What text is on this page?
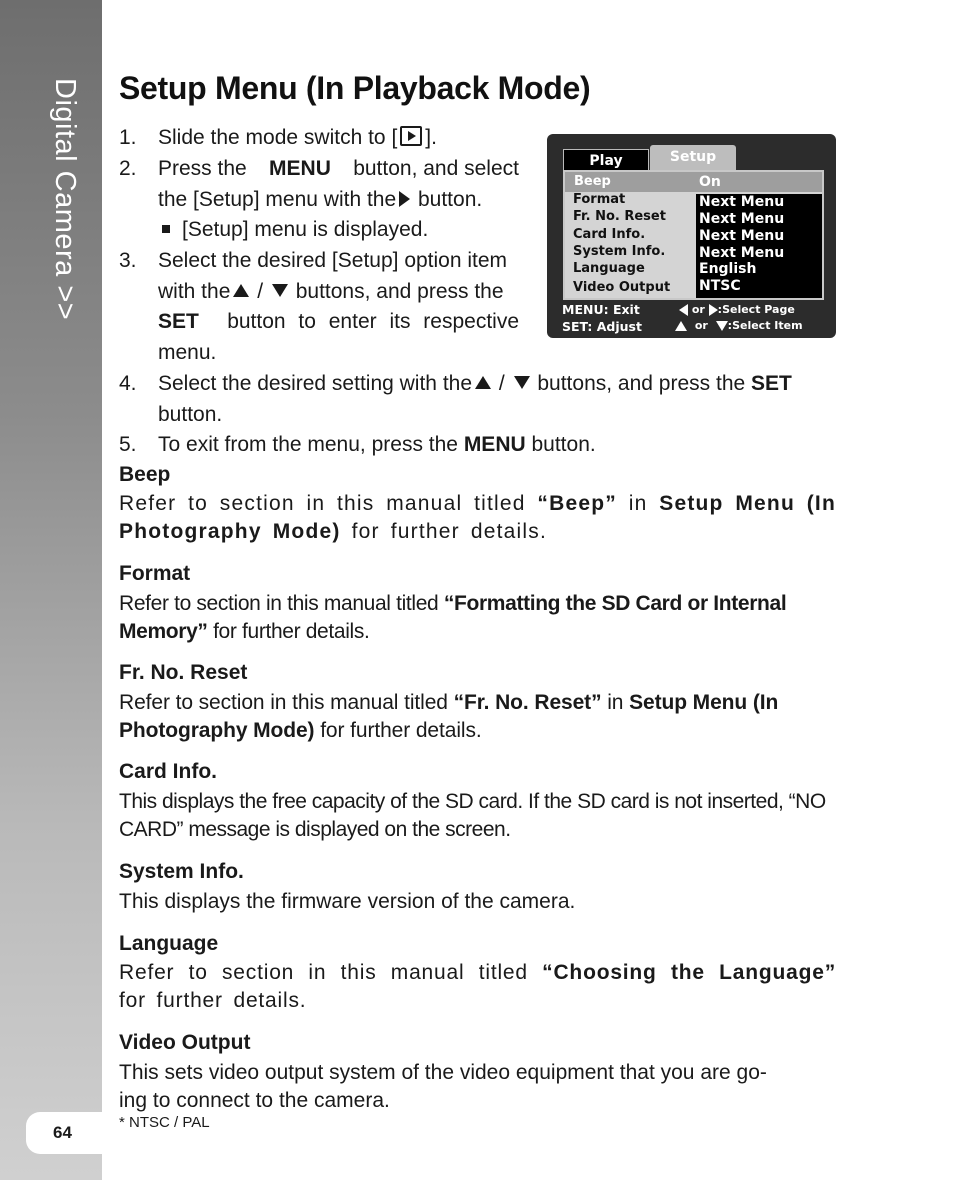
Digital Camera >>
64
Setup Menu (In Playback Mode)
1. Slide the mode switch to [ ].
2. Press the MENU button, and select
the [Setup] menu with the button.
[Setup] menu is displayed.
3. Select the desired [Setup] option item
with the /  buttons, and press the
SET button to enter its respective
menu.
4. Select the desired setting with the /  buttons, and press the SET
button.
5. To exit from the menu, press the MENU button.
Play	Setup
Beep
Format
Fr. No. Reset
Card Info.
System Info.
Language
Video Output
On
Next Menu
Next Menu
Next Menu
Next Menu
English
NTSC
MENU: Exit
SET: Adjust
or :Select Page
or :Select Item
Beep
Refer to section in this manual titled “Beep” in Setup Menu (In Photography Mode) for further details.
Format
Refer to section in this manual titled “Formatting the SD Card or Internal Memory” for further details.
Fr. No. Reset
Refer to section in this manual titled “Fr. No. Reset” in Setup Menu (In Photography Mode) for further details.
Card Info.
This displays the free capacity of the SD card. If the SD card is not inserted, “NO CARD” message is displayed on the screen.
System Info.
This displays the firmware version of the camera.
Language
Refer to section in this manual titled “Choosing the Language” for further details.
Video Output
This sets video output system of the video equipment that you are go-
ing to connect to the camera.
* NTSC / PAL
